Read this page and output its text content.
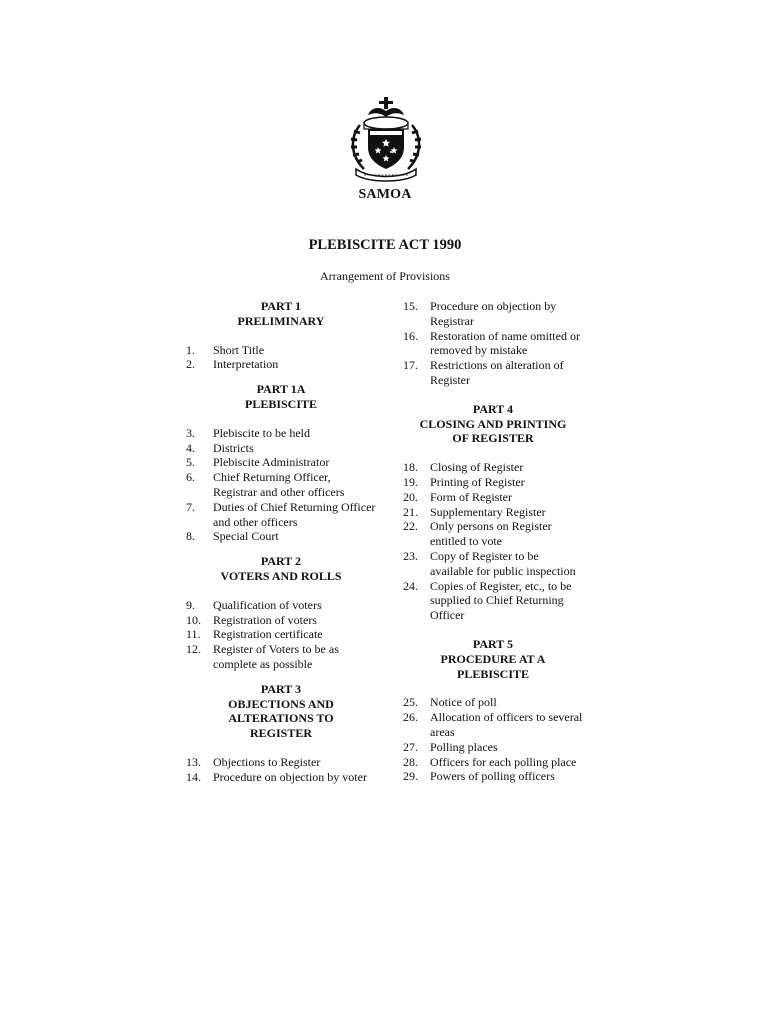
SAMOA
PLEBISCITE ACT 1990
Arrangement of Provisions
PART 1
PRELIMINARY
1.	Short Title
2.	Interpretation
PART 1A
PLEBISCITE
3.	Plebiscite to be held
4.	Districts
5.	Plebiscite Administrator
6.	Chief Returning Officer, Registrar and other officers
7.	Duties of Chief Returning Officer and other officers
8.	Special Court
PART 2
VOTERS AND ROLLS
9.	Qualification of voters
10.	Registration of voters
11.	Registration certificate
12.	Register of Voters to be as complete as possible
PART 3
OBJECTIONS AND
ALTERATIONS TO
REGISTER
13.	Objections to Register
14.	Procedure on objection by voter
15.	Procedure on objection by Registrar
16.	Restoration of name omitted or removed by mistake
17.	Restrictions on alteration of Register
PART 4
CLOSING AND PRINTING
OF REGISTER
18.	Closing of Register
19.	Printing of Register
20.	Form of Register
21.	Supplementary Register
22.	Only persons on Register entitled to vote
23.	Copy of Register to be available for public inspection
24.	Copies of Register, etc., to be supplied to Chief Returning Officer
PART 5
PROCEDURE AT A
PLEBISCITE
25.	Notice of poll
26.	Allocation of officers to several areas
27.	Polling places
28.	Officers for each polling place
29.	Powers of polling officers
